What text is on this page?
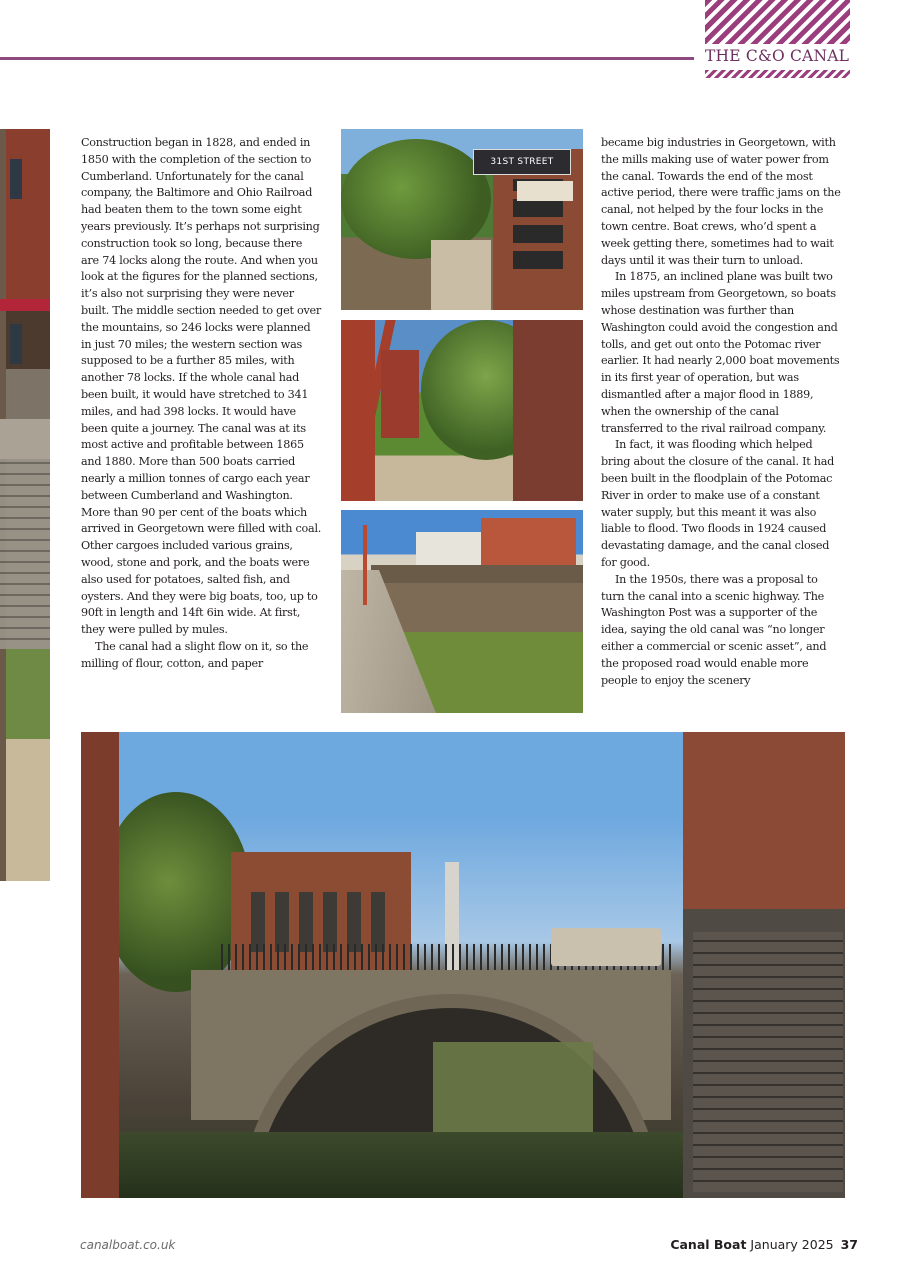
THE C&O CANAL
31ST STREET

Construction began in 1828, and ended in 1850 with the completion of the section to Cumberland. Unfortunately for the canal company, the Baltimore and Ohio Railroad had beaten them to the town some eight years previously. It’s perhaps not surprising construction took so long, because there are 74 locks along the route. And when you look at the figures for the planned sections, it’s also not surprising they were never built. The middle section needed to get over the mountains, so 246 locks were planned in just 70 miles; the western section was supposed to be a further 85 miles, with another 78 locks. If the whole canal had been built, it would have stretched to 341 miles, and had 398 locks. It would have been quite a journey. The canal was at its most active and profitable between 1865 and 1880. More than 500 boats carried nearly a million tonnes of cargo each year between Cumberland and Washington. More than 90 per cent of the boats which arrived in Georgetown were filled with coal. Other cargoes included various grains, wood, stone and pork, and the boats were also used for potatoes, salted fish, and oysters. And they were big boats, too, up to 90ft in length and 14ft 6in wide. At first, they were pulled by mules.

The canal had a slight flow on it, so the milling of flour, cotton, and paper

became big industries in Georgetown, with the mills making use of water power from the canal. Towards the end of the most active period, there were traffic jams on the canal, not helped by the four locks in the town centre. Boat crews, who’d spent a week getting there, sometimes had to wait days until it was their turn to unload.

In 1875, an inclined plane was built two miles upstream from Georgetown, so boats whose destination was further than Washington could avoid the congestion and tolls, and get out onto the Potomac river earlier. It had nearly 2,000 boat movements in its first year of operation, but was dismantled after a major flood in 1889, when the ownership of the canal transferred to the rival railroad company.

In fact, it was flooding which helped bring about the closure of the canal. It had been built in the floodplain of the Potomac River in order to make use of a constant water supply, but this meant it was also liable to flood. Two floods in 1924 caused devastating damage, and the canal closed for good.

In the 1950s, there was a proposal to turn the canal into a scenic highway. The Washington Post was a supporter of the idea, saying the old canal was “no longer either a commercial or scenic asset”, and the proposed road would enable more people to enjoy the scenery

canalboat.co.uk	Canal Boat January 2025 37
